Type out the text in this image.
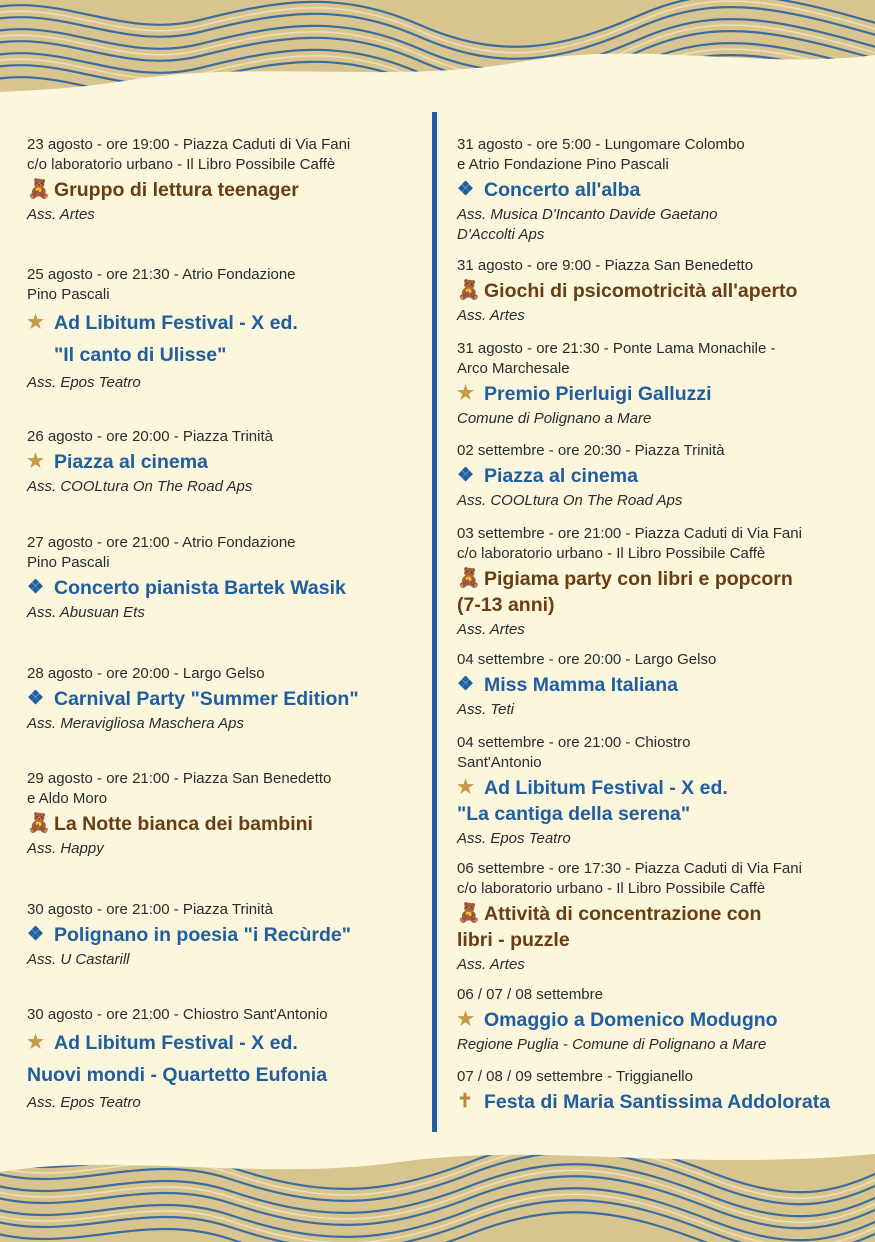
23 agosto - ore 19:00 - Piazza Caduti di Via Fani
c/o laboratorio urbano - Il Libro Possibile Caffè
🧸 Gruppo di lettura teenager
Ass. Artes
25 agosto - ore 21:30 - Atrio Fondazione
Pino Pascali
★ Ad Libitum Festival - X ed.
"Il canto di Ulisse"
Ass. Epos Teatro
26 agosto - ore 20:00 - Piazza Trinità
★ Piazza al cinema
Ass. COOLtura On The Road Aps
27 agosto - ore 21:00 - Atrio Fondazione
Pino Pascali
❖ Concerto pianista Bartek Wasik
Ass. Abusuan Ets
28 agosto - ore 20:00 - Largo Gelso
❖ Carnival Party "Summer Edition"
Ass. Meravigliosa Maschera Aps
29 agosto - ore 21:00 - Piazza San Benedetto
e Aldo Moro
🧸 La Notte bianca dei bambini
Ass. Happy
30 agosto - ore 21:00 - Piazza Trinità
❖ Polignano in poesia "i Recùrde"
Ass. U Castarill
30 agosto - ore 21:00 - Chiostro Sant'Antonio
★ Ad Libitum Festival - X ed.
Nuovi mondi - Quartetto Eufonia
Ass. Epos Teatro
31 agosto - ore 5:00 - Lungomare Colombo
e Atrio Fondazione Pino Pascali
❖ Concerto all'alba
Ass. Musica D'Incanto Davide Gaetano
D'Accolti Aps
31 agosto - ore 9:00 - Piazza San Benedetto
🧸 Giochi di psicomotricità all'aperto
Ass. Artes
31 agosto - ore 21:30 - Ponte Lama Monachile -
Arco Marchesale
★ Premio Pierluigi Galluzzi
Comune di Polignano a Mare
02 settembre - ore 20:30 - Piazza Trinità
❖ Piazza al cinema
Ass. COOLtura On The Road Aps
03 settembre - ore 21:00 - Piazza Caduti di Via Fani
c/o laboratorio urbano - Il Libro Possibile Caffè
🧸 Pigiama party con libri e popcorn
(7-13 anni)
Ass. Artes
04 settembre - ore 20:00 - Largo Gelso
❖ Miss Mamma Italiana
Ass. Teti
04 settembre - ore 21:00 - Chiostro
Sant'Antonio
★ Ad Libitum Festival - X ed.
"La cantiga della serena"
Ass. Epos Teatro
06 settembre - ore 17:30 - Piazza Caduti di Via Fani
c/o laboratorio urbano - Il Libro Possibile Caffè
🧸 Attività di concentrazione con
libri - puzzle
Ass. Artes
06 / 07 / 08 settembre
★ Omaggio a Domenico Modugno
Regione Puglia - Comune di Polignano a Mare
07 / 08 / 09 settembre - Triggianello
✝ Festa di Maria Santissima Addolorata
